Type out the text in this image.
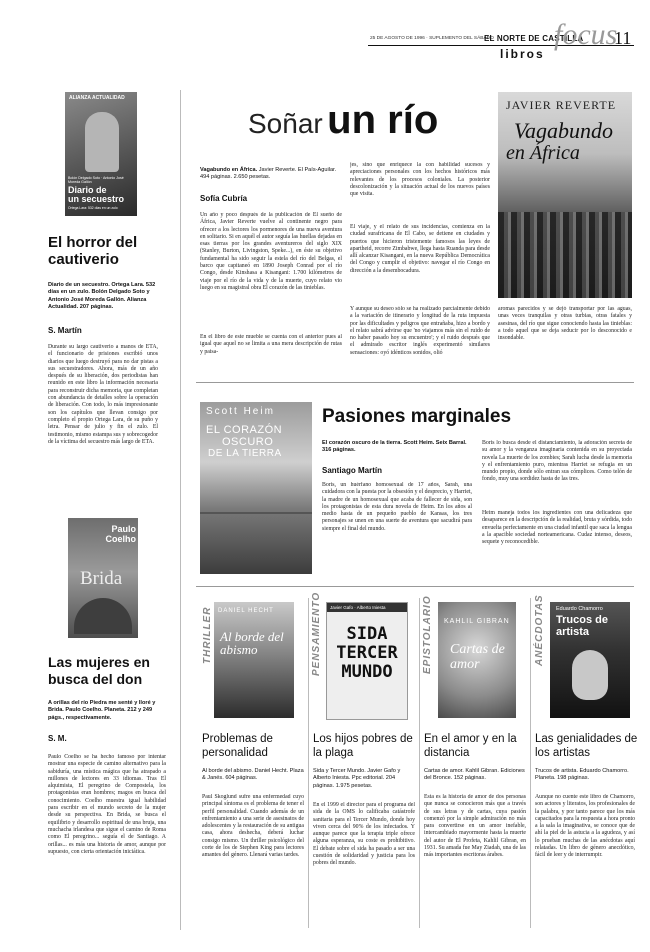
25 DE AGOSTO DE 1996 · SUPLEMENTO DEL SÁBADO
EL NORTE DE CASTILLA
libros
focus
11
ALIANZA ACTUALIDAD
Bolón Delgado Soto · Antonio José Moreda Gallón
Diario de
un secuestro
Ortega Lara: 532 días en un zulo
El horror del cautiverio
Diario de un secuestro. Ortega Lara. 532 días en un zulo. Bolón Delgado Soto y Antonio José Moreda Gallón. Alianza Actualidad. 207 páginas.
S. Martín
Durante su largo cautiverio a manos de ETA, el funcionario de prisiones escribió unos diarios que luego destruyó para no dar pistas a sus secuestradores. Ahora, más de un año después de su liberación, dos periodistas han reunido en este libro la información necesaria para reconstruir dicha memoria, que completan con abundancia de detalles sobre la operación de liberación. Con todo, lo más impresionante son los capítulos que llevan consigo por completo el propio Ortega Lara, de su puño y letra. Pensar de julio y fin el zulo. El testimonio, mismo estampa sus y sobrecogedor de la víctima del secuestro más largo de ETA.
Paulo Coelho
Brida
Las mujeres en busca del don
A orillas del río Piedra me senté y lloré y Brida. Paulo Coelho. Planeta. 212 y 249 págs., respectivamente.
S. M.
Paulo Coelho se ha hecho famoso por intentar mostrar una especie de camino alternativo para la sabiduría, una mística mágica que ha atrapado a millones de lectores en 33 idiomas. Tras El alquimista, El peregrino de Compostela, los protagonistas eran hombres; magos en busca del conocimiento. Coelho muestra igual habilidad para escribir en el mundo secreto de la mujer desde su perspectiva. En Brida, se busca el equilibrio y desarrollo espiritual de una bruja, una muchacha irlandesa que sigue el camino de Roma como El peregrino... seguía el de Santiago. A orillas... es más una historia de amor, aunque por supuesto, con cierta orientación iniciática.
Soñar un río
Vagabundo en África. Javier Reverte. El País-Aguilar. 494 páginas. 2.650 pesetas.
Sofía Cubría
Un año y poco después de la publicación de El sueño de África, Javier Reverte vuelve al continente negro para ofrecer a los lectores los pormenores de una nueva aventura en solitario. Si en aquél el autor seguía las huellas dejadas en esas tierras por los grandes aventureros del siglo XIX (Stanley, Burton, Livingston, Speke...), en éste su objetivo fundamental ha sido seguir la estela del río del Belgas, el barco que capitaneó en 1890 Joseph Conrad por el río Congo, desde Kinshasa a Kisangani: 1.700 kilómetros de viaje por el río de la vida y de la muerte, cuyo relato vio luego en su magistral obra El corazón de las tinieblas.
En el libro de este mueble se cuenta con el anterior pues al igual que aquel no se limita a una mera descripción de rutas y paisa-
jes, sino que enriquece la con habilidad sucesos y apreciaciones personales con los hechos históricos más relevantes de los procesos coloniales. La posterior descolonización y la situación actual de los nuevos países que visita.
El viaje, y el relato de sus incidencias, comienza en la ciudad surafricana de El Cabo, se detiene en ciudades y puertos que hicieron tristemente famosos las leyes de apartheid, recorre Zimbabwe, llega hasta Ruanda para desde allí alcanzar Kisangani, en la nueva República Democrática del Congo y cumplir el objetivo: navegar el río Congo en dirección a la desembocadura.
Y aunque su deseo sólo se ha realizado parcialmente debido a la variación de itinerario y longitud de la ruta impuesta por las dificultades y peligros que entrañaba, hizo a bordo y el relato sabrá advirse que 'no viajamos más sin el ruido de no haber pasado hoy su encuentro'; y el ruido después que el admirado escritor inglés experimentó similares sensaciones: oyó idénticos sonidos, olió
JAVIER REVERTE
Vagabundo
en África
aromas parecidos y se dejó transportar por las aguas, unas veces tranquilas y otras turbias, otras fatales y asesinas, del río que sigue conociendo hasta las tinieblas: a todo aquel que se deja seducir por lo desconocido e insondable.
Scott Heim
EL CORAZÓN
OSCURO
DE LA TIERRA
Pasiones marginales
El corazón oscuro de la tierra. Scott Heim. Seix Barral. 316 páginas.
Santiago Martín
Boris, un huérfano homosexual de 17 años, Sarah, una cuidadora con la puesta por la obsesión y el desprecio, y Harriet, la madre de un homosexual que acaba de fallecer de sida, son los protagonistas de esta dura novela de Heim. En los años al medio hasta de un pequeño pueblo de Kansas, los tres personajes se unen en una suerte de aventura que sacudirá para siempre el final del mundo.
Boris lo busca desde el distanciamiento, la adoración secreta de su amor y la venganza imaginaria contenida en su proyectada novela La muerte de los zombies; Sarah lucha desde la memoria y el enfrentamiento puro, mientras Harriet se refugia en un mundo propio, donde sólo entran sus cómplices. Como telón de fondo, muy una sordidez hasta de las tres.
Heim maneja todos los ingredientes con una delicadeza que desaparece en la descripción de la realidad, bruta y sórdida, todo envuelta perfectamente en una ciudad infantil que saca la lengua a la apacible sociedad norteamericana. Cudaz intenso, deseos, sequete y reconocedible.
THRILLER DANIEL HECHT
Al borde del abismo
Problemas de personalidad
Al borde del abismo. Daniel Hecht. Plaza & Janés. 604 páginas.
Paul Skoglund sufre una enfermedad cuyo principal síntoma es el problema de tener el perfil personalidad. Cuando además de un enfrentamiento a una serie de asesinatos de adolescentes y la restauración de su antigua casa, ahora deshecha, deberá luchar consigo mismo. Un thriller psicológico del corte de los de Stephen King para lectores amantes del género. Llenará varias tardes.
PENSAMIENTO	Javier Gafo · Alberto Iniesta
SIDA TERCER MUNDO
Los hijos pobres de la plaga
Sida y Tercer Mundo. Javier Gafo y Alberto Iniesta. Ppc editorial. 204 páginas. 1.975 pesetas.
En el 1999 el director para el programa del sida de la OMS lo calificaba catástrofe sanitaria para el Tercer Mundo, donde hoy viven cerca del 90% de los infectados. Y aunque parece que la terapia triple ofrece alguna esperanza, su coste es prohibitivo. El debate sobre el sida ha pasado a ser una cuestión de solidaridad y justicia para los pobres del mundo.
EPISTOLARIO KAHLIL GIBRAN
Cartas de amor
En el amor y en la distancia
Cartas de amor. Kahlil Gibran. Ediciones del Bronce. 152 páginas.
Esta es la historia de amor de dos personas que nunca se conocieron más que a través de sus letras y de cartas, cuya pasión comenzó por la simple admiración no más para convertirse en un amor inefable, intercambiado mayormente hasta la muerte del autor de El Profeta, Kahlil Gibran, en 1931. Su amada fue May Ziadah, una de las más importantes escritoras árabes.
ANÉCDOTAS Eduardo Chamorro
Trucos de artista
Las genialidades de los artistas
Trucos de artista. Eduardo Chamorro. Planeta. 198 páginas.
Aunque no cuente este libro de Chamorro, son actores y literatos, los profesionales de la palabra, y por tanto parece que los más capacitados para la respuesta a hora pronto a la sala la imaginativa, se conoce que de ahí la piel de la astucia a la agudeza, y así lo prueban muchas de las anécdotas aquí relatadas. Un libro de género anecdótico, fácil de leer y de interrumpir.
